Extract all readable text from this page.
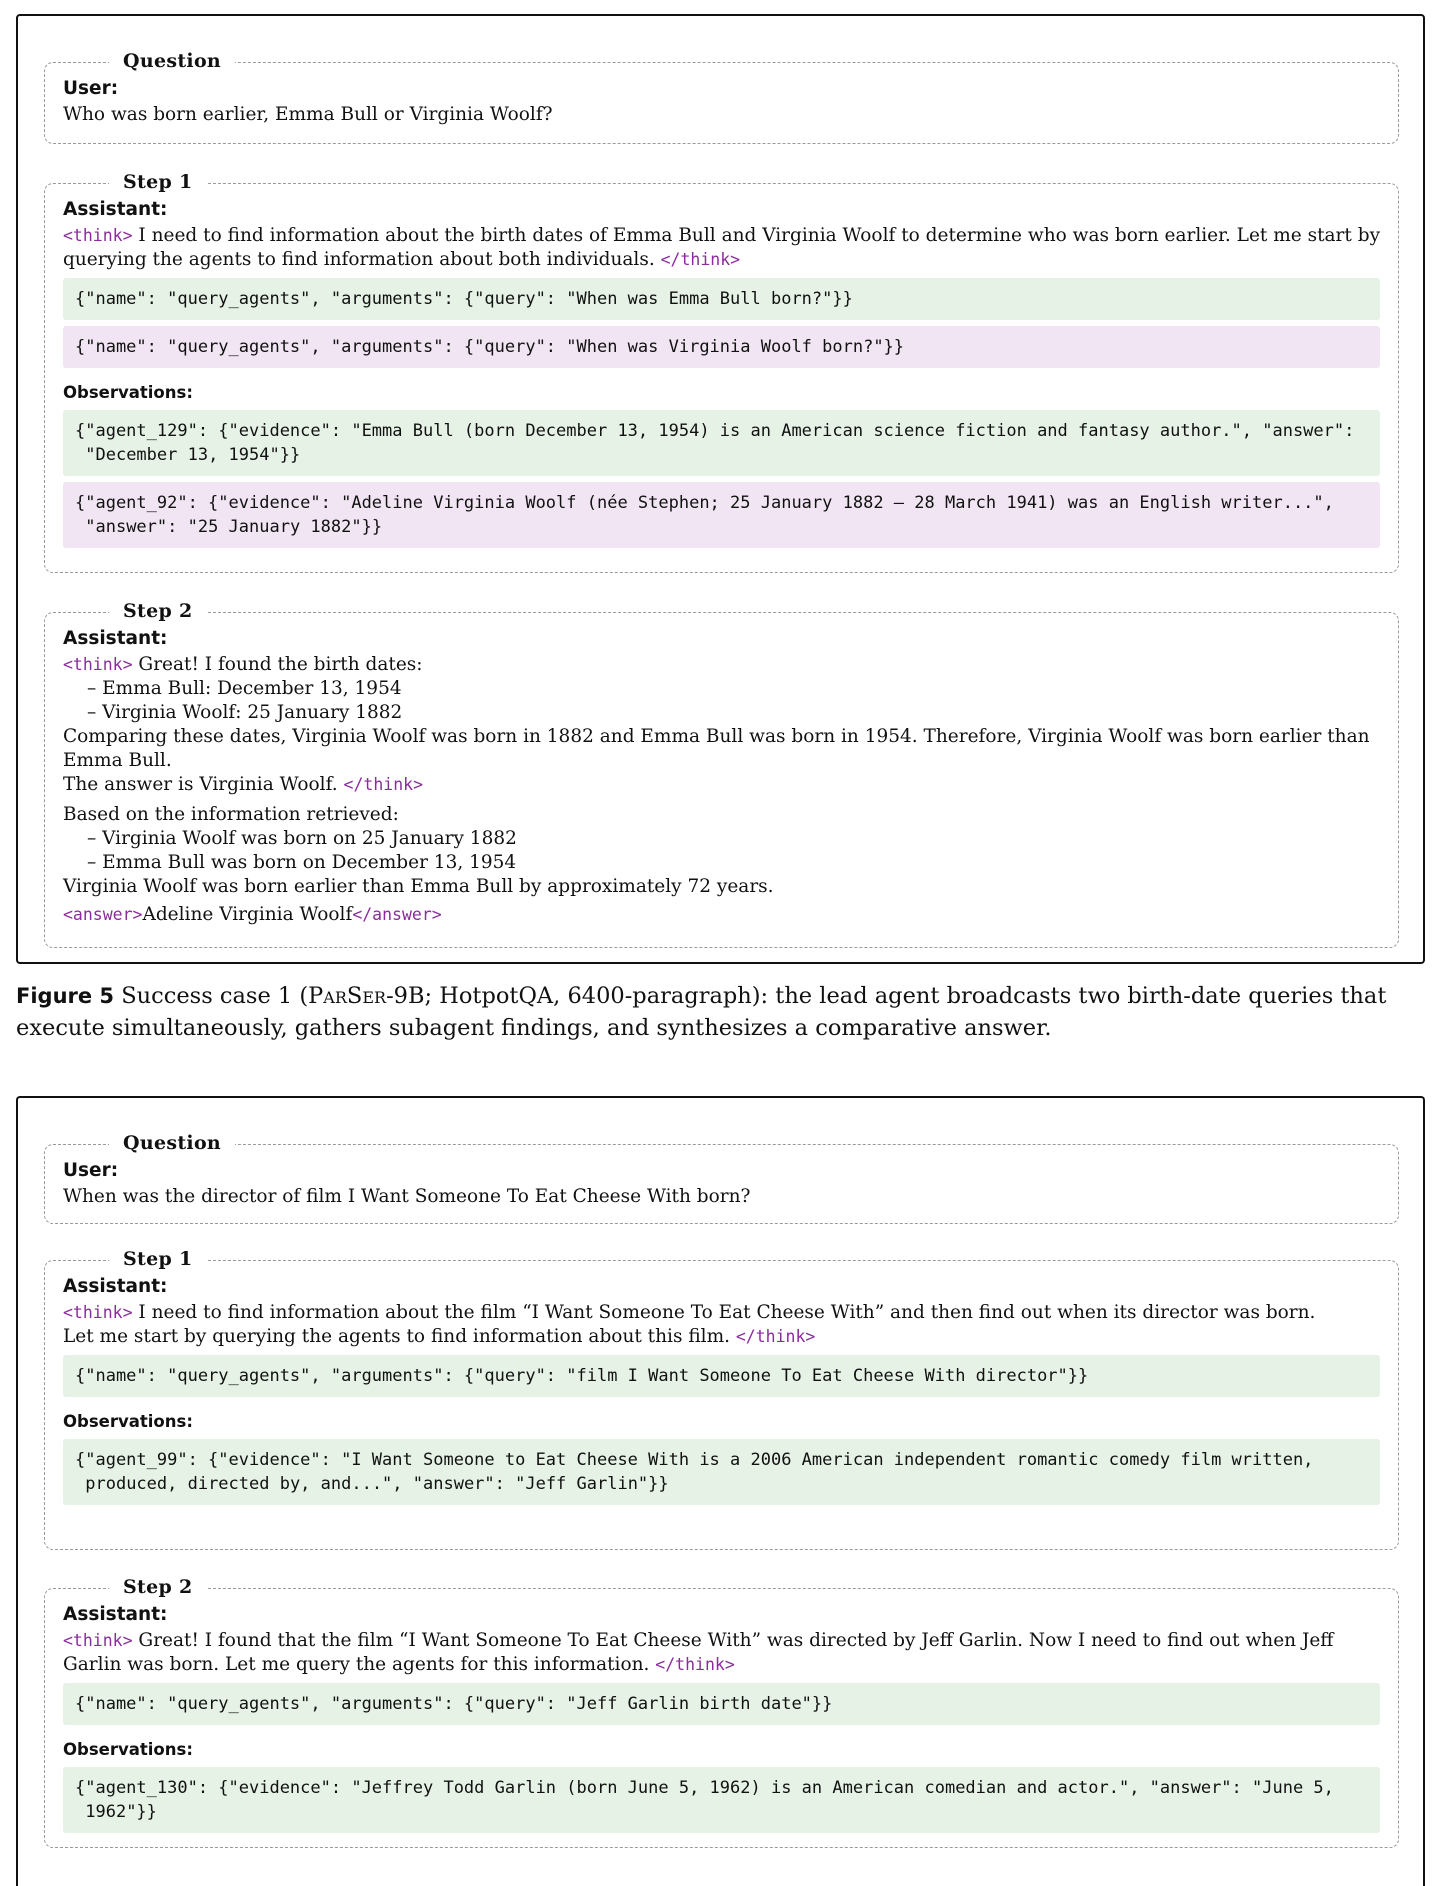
Question
User:
Who was born earlier, Emma Bull or Virginia Woolf?
Step 1
Assistant:
<think> I need to find information about the birth dates of Emma Bull and Virginia Woolf to determine who was born earlier. Let me start by querying the agents to find information about both individuals. </think>
{"name": "query_agents", "arguments": {"query": "When was Emma Bull born?"}}
{"name": "query_agents", "arguments": {"query": "When was Virginia Woolf born?"}}
Observations:
{"agent_129": {"evidence": "Emma Bull (born December 13, 1954) is an American science fiction and fantasy author.", "answer":
"December 13, 1954"}}
{"agent_92": {"evidence": "Adeline Virginia Woolf (née Stephen; 25 January 1882 – 28 March 1941) was an English writer...",
"answer": "25 January 1882"}}
Step 2
Assistant:
<think> Great! I found the birth dates:
– Emma Bull: December 13, 1954
– Virginia Woolf: 25 January 1882
Comparing these dates, Virginia Woolf was born in 1882 and Emma Bull was born in 1954. Therefore, Virginia Woolf was born earlier than Emma Bull.
The answer is Virginia Woolf. </think>
Based on the information retrieved:
– Virginia Woolf was born on 25 January 1882
– Emma Bull was born on December 13, 1954
Virginia Woolf was born earlier than Emma Bull by approximately 72 years.
<answer>Adeline Virginia Woolf</answer>
Figure 5 Success case 1 (ParSer-9B; HotpotQA, 6400-paragraph): the lead agent broadcasts two birth-date queries that execute simultaneously, gathers subagent findings, and synthesizes a comparative answer.
Question
User:
When was the director of film I Want Someone To Eat Cheese With born?
Step 1
Assistant:
<think> I need to find information about the film “I Want Someone To Eat Cheese With” and then find out when its director was born.
Let me start by querying the agents to find information about this film. </think>
{"name": "query_agents", "arguments": {"query": "film I Want Someone To Eat Cheese With director"}}
Observations:
{"agent_99": {"evidence": "I Want Someone to Eat Cheese With is a 2006 American independent romantic comedy film written,
produced, directed by, and...", "answer": "Jeff Garlin"}}
Step 2
Assistant:
<think> Great! I found that the film “I Want Someone To Eat Cheese With” was directed by Jeff Garlin. Now I need to find out when Jeff Garlin was born. Let me query the agents for this information. </think>
{"name": "query_agents", "arguments": {"query": "Jeff Garlin birth date"}}
Observations:
{"agent_130": {"evidence": "Jeffrey Todd Garlin (born June 5, 1962) is an American comedian and actor.", "answer": "June 5,
1962"}}
